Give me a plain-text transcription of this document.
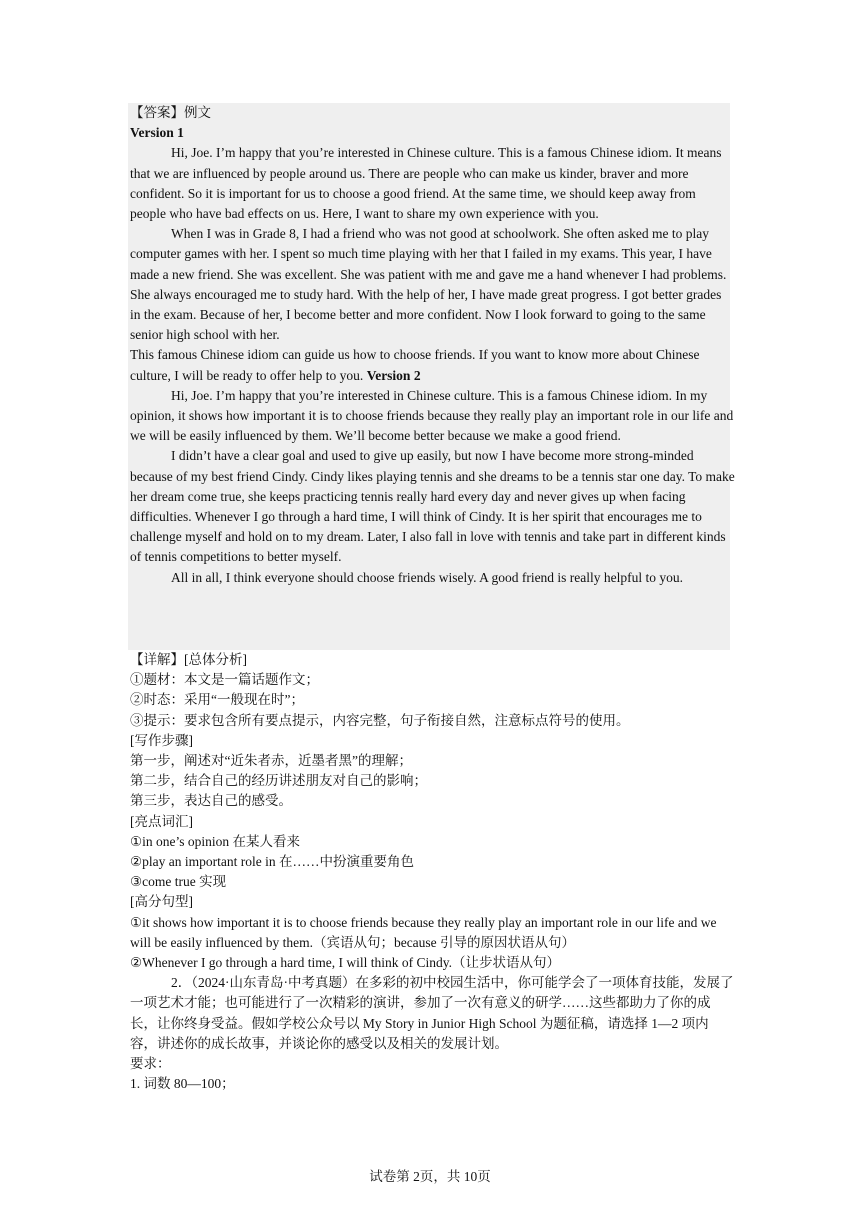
【答案】例文

Version 1

Hi, Joe. I’m happy that you’re interested in Chinese culture. This is a famous Chinese idiom. It means that we are influenced by people around us. There are people who can make us kinder, braver and more confident. So it is important for us to choose a good friend. At the same time, we should keep away from people who have bad effects on us. Here, I want to share my own experience with you.

When I was in Grade 8, I had a friend who was not good at schoolwork. She often asked me to play computer games with her. I spent so much time playing with her that I failed in my exams. This year, I have made a new friend. She was excellent. She was patient with me and gave me a hand whenever I had problems. She always encouraged me to study hard. With the help of her, I have made great progress. I got better grades in the exam. Because of her, I become better and more confident. Now I look forward to going to the same senior high school with her.

This famous Chinese idiom can guide us how to choose friends. If you want to know more about Chinese culture, I will be ready to offer help to you. Version 2

Hi, Joe. I’m happy that you’re interested in Chinese culture. This is a famous Chinese idiom. In my opinion, it shows how important it is to choose friends because they really play an important role in our life and we will be easily influenced by them. We’ll become better because we make a good friend.

I didn’t have a clear goal and used to give up easily, but now I have become more strong-minded because of my best friend Cindy. Cindy likes playing tennis and she dreams to be a tennis star one day. To make her dream come true, she keeps practicing tennis really hard every day and never gives up when facing difficulties. Whenever I go through a hard time, I will think of Cindy. It is her spirit that encourages me to challenge myself and hold on to my dream. Later, I also fall in love with tennis and take part in different kinds of tennis competitions to better myself.

All in all, I think everyone should choose friends wisely. A good friend is really helpful to you.

【详解】[总体分析]

①题材：本文是一篇话题作文；

②时态：采用“一般现在时”；

③提示：要求包含所有要点提示，内容完整，句子衔接自然，注意标点符号的使用。

[写作步骤]

第一步，阐述对“近朱者赤，近墨者黑”的理解；

第二步，结合自己的经历讲述朋友对自己的影响；

第三步，表达自己的感受。

[亮点词汇]

①in one’s opinion 在某人看来

②play an important role in 在……中扮演重要角色

③come true 实现

[高分句型]

①it shows how important it is to choose friends because they really play an important role in our life and we will be easily influenced by them.（宾语从句；because 引导的原因状语从句）

②Whenever I go through a hard time, I will think of Cindy.（让步状语从句）

2．（2024·山东青岛·中考真题）在多彩的初中校园生活中，你可能学会了一项体育技能，发展了一项艺术才能；也可能进行了一次精彩的演讲，参加了一次有意义的研学……这些都助力了你的成长，让你终身受益。假如学校公众号以 My Story in Junior High School 为题征稿，请选择 1—2 项内容，讲述你的成长故事，并谈论你的感受以及相关的发展计划。

要求：

1. 词数 80—100；

试卷第 2页，共 10页
